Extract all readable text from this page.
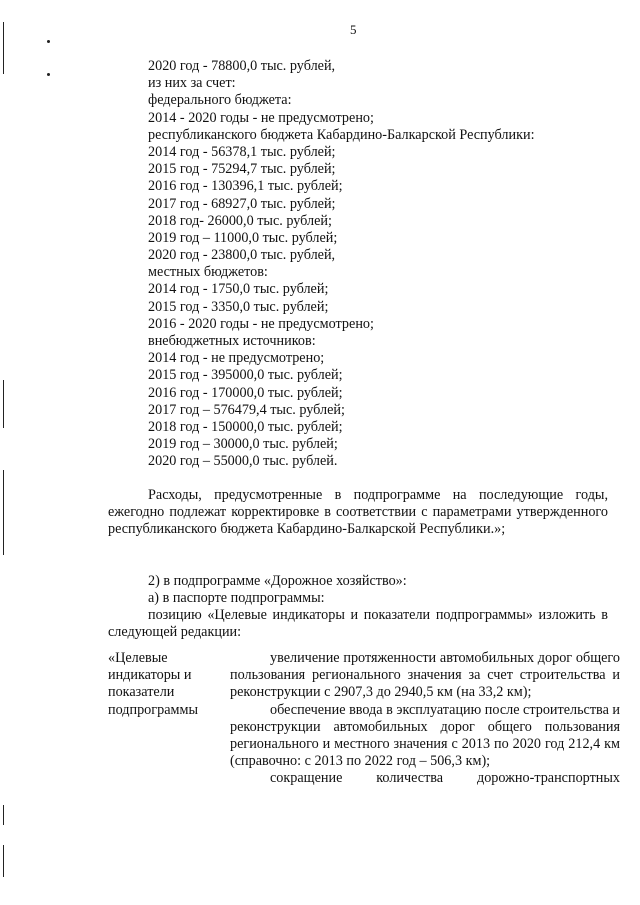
5
2020 год - 78800,0 тыс. рублей,
из них за счет:
федерального бюджета:
2014 - 2020 годы - не предусмотрено;
республиканского бюджета Кабардино-Балкарской Республики:
2014 год - 56378,1 тыс. рублей;
2015 год - 75294,7 тыс. рублей;
2016 год - 130396,1 тыс. рублей;
2017 год - 68927,0 тыс. рублей;
2018 год- 26000,0 тыс. рублей;
2019 год – 11000,0 тыс. рублей;
2020 год - 23800,0 тыс. рублей,
местных бюджетов:
2014 год - 1750,0 тыс. рублей;
2015 год - 3350,0 тыс. рублей;
2016 - 2020 годы - не предусмотрено;
внебюджетных источников:
2014 год - не предусмотрено;
2015 год - 395000,0 тыс. рублей;
2016 год - 170000,0 тыс. рублей;
2017 год – 576479,4 тыс. рублей;
2018 год - 150000,0 тыс. рублей;
2019 год – 30000,0 тыс. рублей;
2020 год – 55000,0 тыс. рублей.
Расходы, предусмотренные в подпрограмме на последующие годы, ежегодно подлежат корректировке в соответствии с параметрами утвержденного республиканского бюджета Кабардино-Балкарской Республики.»;
2) в подпрограмме «Дорожное хозяйство»:
а) в паспорте подпрограммы:
позицию «Целевые индикаторы и показатели подпрограммы» изложить в следующей редакции:
«Целевые
индикаторы и
показатели
подпрограммы

увеличение протяженности автомобильных дорог общего пользования регионального значения за счет строительства и реконструкции с 2907,3 до 2940,5 км (на 33,2 км);

обеспечение ввода в эксплуатацию после строительства и реконструкции автомобильных дорог общего пользования регионального и местного значения с 2013 по 2020 год 212,4 км (справочно: с 2013 по 2022 год – 506,3 км);

сокращение количества дорожно-транспортных
